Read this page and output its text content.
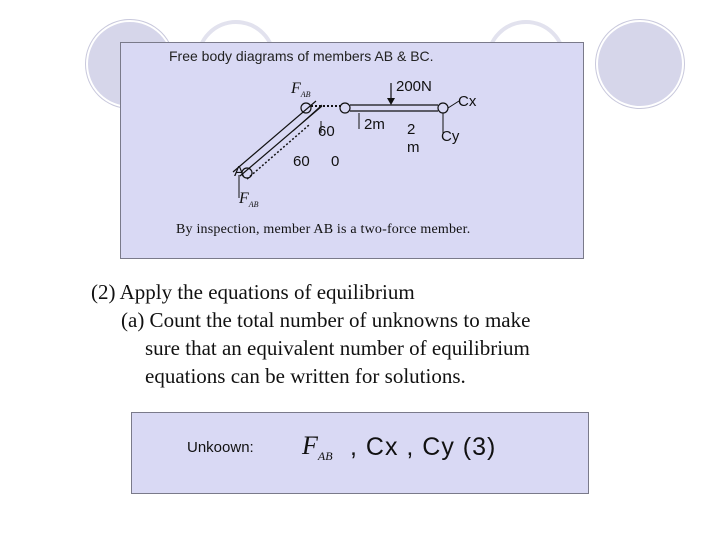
Free body diagrams of members AB & BC.
$F_{AB}$
$F_{AB}$
200N
Cx
Cy
60
60 0
A
2m 2
m
By inspection, member AB is a two-force member.
(2) Apply the equations of equilibrium
(a) Count the total number of unknowns to make
sure that an equivalent number of equilibrium
equations can be written for solutions.
Unkoown: $F_{AB}$ , Cx , Cy (3)
